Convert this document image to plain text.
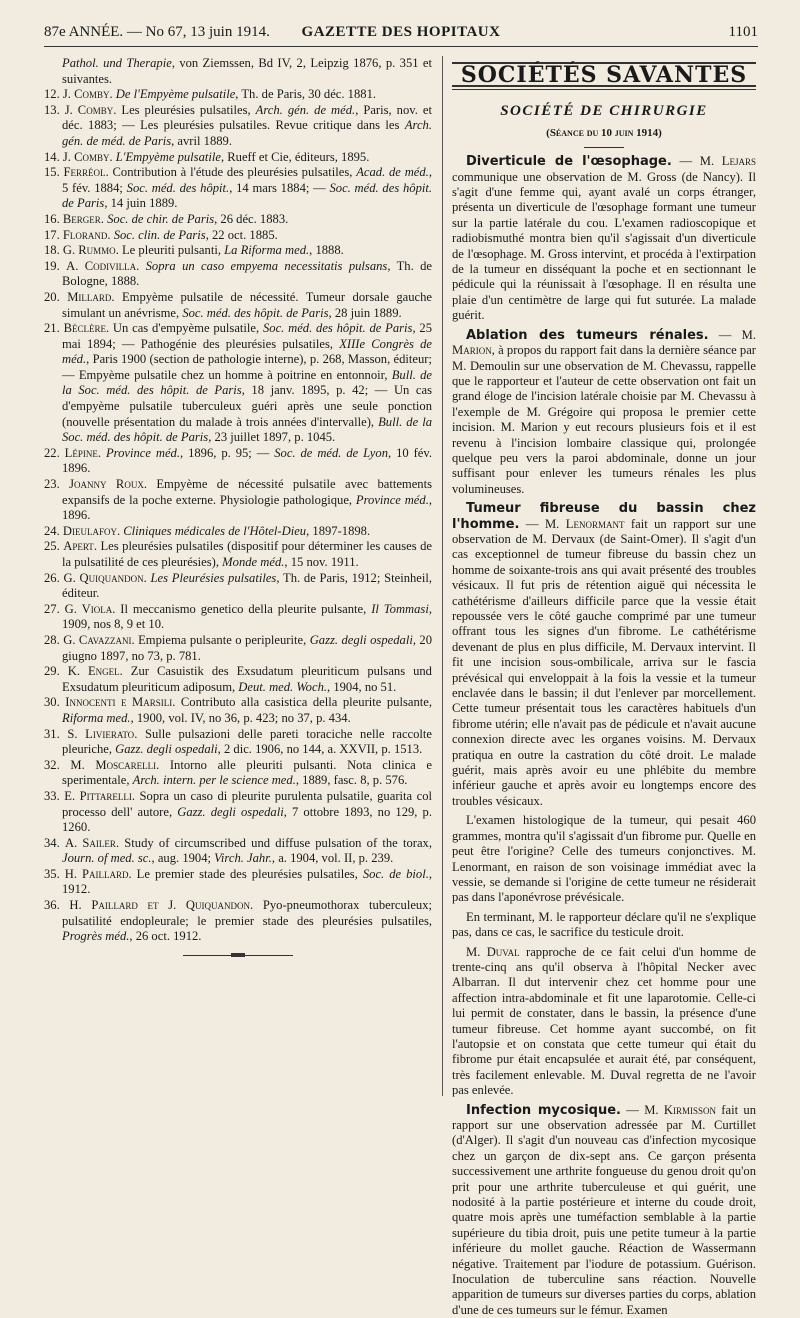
87e ANNÉE. — No 67, 13 juin 1914.	GAZETTE DES HOPITAUX	1101
Pathol. und Therapie, von Ziemssen, Bd IV, 2, Leipzig 1876, p. 351 et suivantes.
12. J. Comby. De l'Empyème pulsatile, Th. de Paris, 30 déc. 1881.
13. J. Comby. Les pleurésies pulsatiles, Arch. gén. de méd., Paris, nov. et déc. 1883; — Les pleurésies pulsatiles. Revue critique dans les Arch. gén. de méd. de Paris, avril 1889.
14. J. Comby. L'Empyème pulsatile, Rueff et Cie, éditeurs, 1895.
15. Ferréol. Contribution à l'étude des pleurésies pulsatiles, Acad. de méd., 5 fév. 1884; Soc. méd. des hôpit., 14 mars 1884; — Soc. méd. des hôpit. de Paris, 14 juin 1889.
16. Berger. Soc. de chir. de Paris, 26 déc. 1883.
17. Florand. Soc. clin. de Paris, 22 oct. 1885.
18. G. Rummo. Le pleuriti pulsanti, La Riforma med., 1888.
19. A. Codivilla. Sopra un caso empyema necessitatis pulsans, Th. de Bologne, 1888.
20. Millard. Empyème pulsatile de nécessité. Tumeur dorsale gauche simulant un anévrisme, Soc. méd. des hôpit. de Paris, 28 juin 1889.
21. Béclère. Un cas d'empyème pulsatile, Soc. méd. des hôpit. de Paris, 25 mai 1894; — Pathogénie des pleurésies pulsatiles, XIIIe Congrès de méd., Paris 1900 (section de pathologie interne), p. 268, Masson, éditeur; — Empyème pulsatile chez un homme à poitrine en entonnoir, Bull. de la Soc. méd. des hôpit. de Paris, 18 janv. 1895, p. 42; — Un cas d'empyème pulsatile tuberculeux guéri après une seule ponction (nouvelle présentation du malade à trois années d'intervalle), Bull. de la Soc. méd. des hôpit. de Paris, 23 juillet 1897, p. 1045.
22. Lépine. Province méd., 1896, p. 95; — Soc. de méd. de Lyon, 10 fév. 1896.
23. Joanny Roux. Empyème de nécessité pulsatile avec battements expansifs de la poche externe. Physiologie pathologique, Province méd., 1896.
24. Dieulafoy. Cliniques médicales de l'Hôtel-Dieu, 1897-1898.
25. Apert. Les pleurésies pulsatiles (dispositif pour déterminer les causes de la pulsatilité de ces pleurésies), Monde méd., 15 nov. 1911.
26. G. Quiquandon. Les Pleurésies pulsatiles, Th. de Paris, 1912; Steinheil, éditeur.
27. G. Viola. Il meccanismo genetico della pleurite pulsante, Il Tommasi, 1909, nos 8, 9 et 10.
28. G. Cavazzani. Empiema pulsante o peripleurite, Gazz. degli ospedali, 20 giugno 1897, no 73, p. 781.
29. K. Engel. Zur Casuistik des Exsudatum pleuriticum pulsans und Exsudatum pleuriticum adiposum, Deut. med. Woch., 1904, no 51.
30. Innocenti e Marsili. Contributo alla casistica della pleurite pulsante, Riforma med., 1900, vol. IV, no 36, p. 423; no 37, p. 434.
31. S. Livierato. Sulle pulsazioni delle pareti toraciche nelle raccolte pleuriche, Gazz. degli ospedali, 2 dic. 1906, no 144, a. XXVII, p. 1513.
32. M. Moscarelli. Intorno alle pleuriti pulsanti. Nota clinica e sperimentale, Arch. intern. per le science med., 1889, fasc. 8, p. 576.
33. E. Pittarelli. Sopra un caso di pleurite purulenta pulsatile, guarita col processo dell' autore, Gazz. degli ospedali, 7 ottobre 1893, no 129, p. 1260.
34. A. Sailer. Study of circumscribed und diffuse pulsation of the torax, Journ. of med. sc., aug. 1904; Virch. Jahr., a. 1904, vol. II, p. 239.
35. H. Paillard. Le premier stade des pleurésies pulsatiles, Soc. de biol., 1912.
36. H. Paillard et J. Quiquandon. Pyo-pneumothorax tuberculeux; pulsatilité endopleurale; le premier stade des pleurésies pulsatiles, Progrès méd., 26 oct. 1912.
SOCIÉTÉS SAVANTES
SOCIÉTÉ DE CHIRURGIE
(Séance du 10 juin 1914)

Diverticule de l'œsophage. — M. Lejars communique une observation de M. Gross (de Nancy). Il s'agit d'une femme qui, ayant avalé un corps étranger, présenta un diverticule de l'œsophage formant une tumeur sur la partie latérale du cou. L'examen radioscopique et radiobismuthé montra bien qu'il s'agissait d'un diverticule de l'œsophage. M. Gross intervint, et procéda à l'extirpation de la tumeur en disséquant la poche et en sectionnant le pédicule qui la réunissait à l'œsophage. Il en résulta une plaie d'un centimètre de large qui fut suturée. La malade guérit.

Ablation des tumeurs rénales. — M. Marion, à propos du rapport fait dans la dernière séance par M. Demoulin sur une observation de M. Chevassu, rappelle que le rapporteur et l'auteur de cette observation ont fait un grand éloge de l'incision latérale choisie par M. Chevassu à l'exemple de M. Grégoire qui proposa le premier cette incision. M. Marion y eut recours plusieurs fois et il est revenu à l'incision lombaire classique qui, prolongée quelque peu vers la paroi abdominale, donne un jour suffisant pour enlever les tumeurs rénales les plus volumineuses.

Tumeur fibreuse du bassin chez l'homme. — M. Lenormant fait un rapport sur une observation de M. Dervaux (de Saint-Omer). Il s'agit d'un cas exceptionnel de tumeur fibreuse du bassin chez un homme de soixante-trois ans qui avait présenté des troubles vésicaux. Il fut pris de rétention aiguë qui nécessita le cathétérisme d'ailleurs difficile parce que la vessie était repoussée vers le côté gauche comprimé par une tumeur offrant tous les signes d'un fibrome. Le cathétérisme devenant de plus en plus difficile, M. Dervaux intervint. Il fit une incision sous-ombilicale, arriva sur le fascia prévésical qui enveloppait à la fois la vessie et la tumeur enclavée dans le bassin; il dut l'enlever par morcellement. Cette tumeur présentait tous les caractères habituels d'un fibrome utérin; elle n'avait pas de pédicule et n'avait aucune connexion directe avec les organes voisins. M. Dervaux pratiqua en outre la castration du côté droit. Le malade guérit, mais après avoir eu une phlébite du membre inférieur gauche et après avoir eu longtemps encore des troubles vésicaux.

L'examen histologique de la tumeur, qui pesait 460 grammes, montra qu'il s'agissait d'un fibrome pur. Quelle en peut être l'origine? Celle des tumeurs conjonctives. M. Lenormant, en raison de son voisinage immédiat avec la vessie, se demande si l'origine de cette tumeur ne résiderait pas dans l'aponévrose prévésicale.

En terminant, M. le rapporteur déclare qu'il ne s'explique pas, dans ce cas, le sacrifice du testicule droit.

M. Duval rapproche de ce fait celui d'un homme de trente-cinq ans qu'il observa à l'hôpital Necker avec Albarran. Il dut intervenir chez cet homme pour une affection intra-abdominale et fit une laparotomie. Celle-ci lui permit de constater, dans le bassin, la présence d'une tumeur fibreuse. Cet homme ayant succombé, on fit l'autopsie et on constata que cette tumeur qui était du fibrome pur était encapsulée et aurait été, par conséquent, très facilement enlevable. M. Duval regretta de ne l'avoir pas enlevée.

Infection mycosique. — M. Kirmisson fait un rapport sur une observation adressée par M. Curtillet (d'Alger). Il s'agit d'un nouveau cas d'infection mycosique chez un garçon de dix-sept ans. Ce garçon présenta successivement une arthrite fongueuse du genou droit qu'on prit pour une arthrite tuberculeuse et qui guérit, une nodosité à la partie postérieure et interne du coude droit, quatre mois après une tuméfaction semblable à la partie supérieure du tibia droit, puis une petite tumeur à la partie inférieure du mollet gauche. Réaction de Wassermann négative. Traitement par l'iodure de potassium. Guérison. Inoculation de tuberculine sans réaction. Nouvelle apparition de tumeurs sur diverses parties du corps, ablation d'une de ces tumeurs sur le fémur. Examen
